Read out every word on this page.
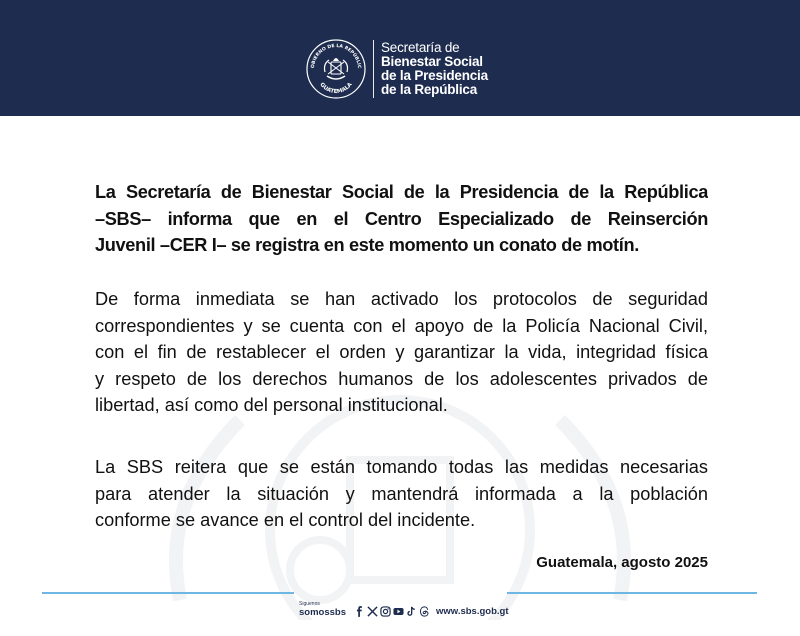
OBIERNO DE LA REPÚBLIC
GUATEMALA
Secretaría de
Bienestar Social
de la Presidencia
de la República
La Secretaría de Bienestar Social de la Presidencia de la República
–SBS– informa que en el Centro Especializado de Reinserción
Juvenil –CER I– se registra en este momento un conato de motín.
De forma inmediata se han activado los protocolos de seguridad
correspondientes y se cuenta con el apoyo de la Policía Nacional Civil,
con el fin de restablecer el orden y garantizar la vida, integridad física
y respeto de los derechos humanos de los adolescentes privados de
libertad, así como del personal institucional.
La SBS reitera que se están tomando todas las medidas necesarias
para atender la situación y mantendrá informada a la población
conforme se avance en el control del incidente.
Guatemala, agosto 2025
Siguenos
somossbs	www.sbs.gob.gt
